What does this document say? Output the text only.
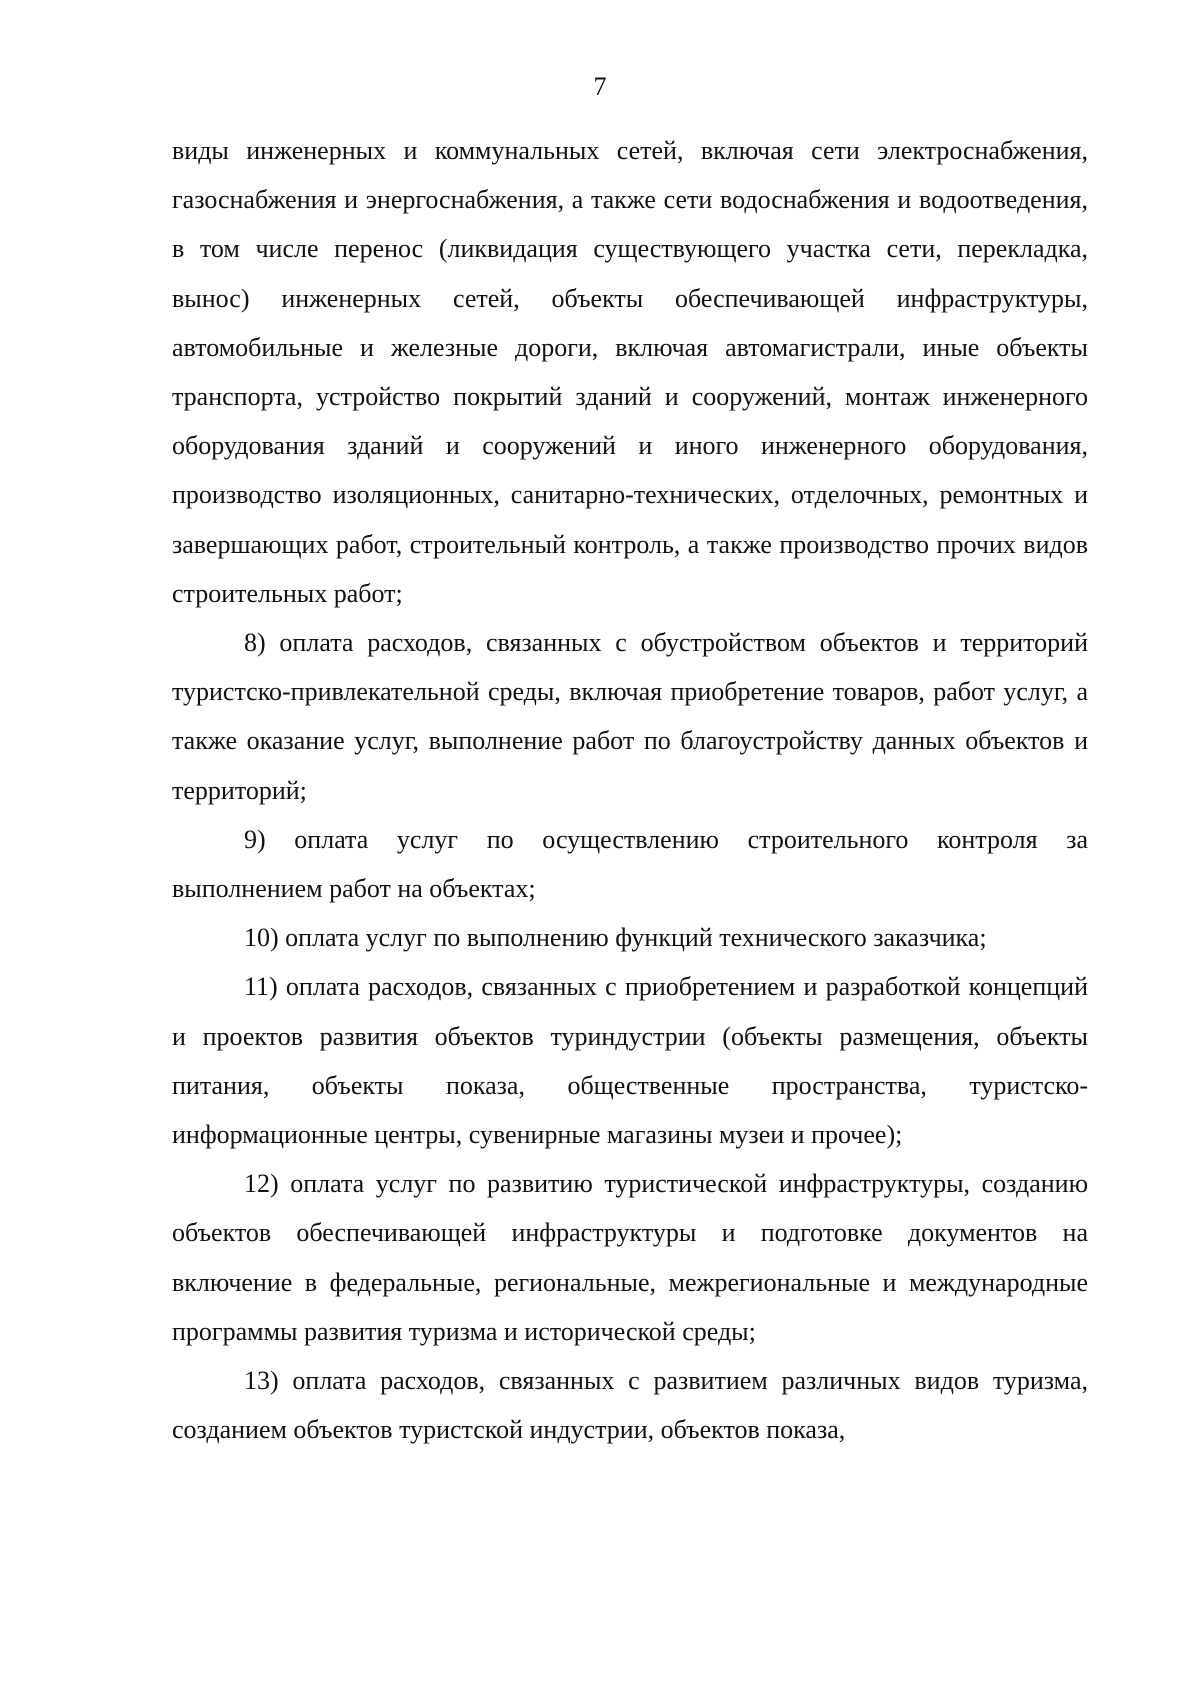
7

виды инженерных и коммунальных сетей, включая сети электроснабжения, газоснабжения и энергоснабжения, а также сети водоснабжения и водоотведения, в том числе перенос (ликвидация существующего участка сети, перекладка, вынос) инженерных сетей, объекты обеспечивающей инфраструктуры, автомобильные и железные дороги, включая автомагистрали, иные объекты транспорта, устройство покрытий зданий и сооружений, монтаж инженерного оборудования зданий и сооружений и иного инженерного оборудования, производство изоляционных, санитарно-технических, отделочных, ремонтных и завершающих работ, строительный контроль, а также производство прочих видов строительных работ;

8) оплата расходов, связанных с обустройством объектов и территорий туристско-привлекательной среды, включая приобретение товаров, работ услуг, а также оказание услуг, выполнение работ по благоустройству данных объектов и территорий;

9) оплата услуг по осуществлению строительного контроля за выполнением работ на объектах;

10) оплата услуг по выполнению функций технического заказчика;

11) оплата расходов, связанных с приобретением и разработкой концепций и проектов развития объектов туриндустрии (объекты размещения, объекты питания, объекты показа, общественные пространства, туристско-информационные центры, сувенирные магазины музеи и прочее);

12) оплата услуг по развитию туристической инфраструктуры, созданию объектов обеспечивающей инфраструктуры и подготовке документов на включение в федеральные, региональные, межрегиональные и международные программы развития туризма и исторической среды;

13) оплата расходов, связанных с развитием различных видов туризма, созданием объектов туристской индустрии, объектов показа,
